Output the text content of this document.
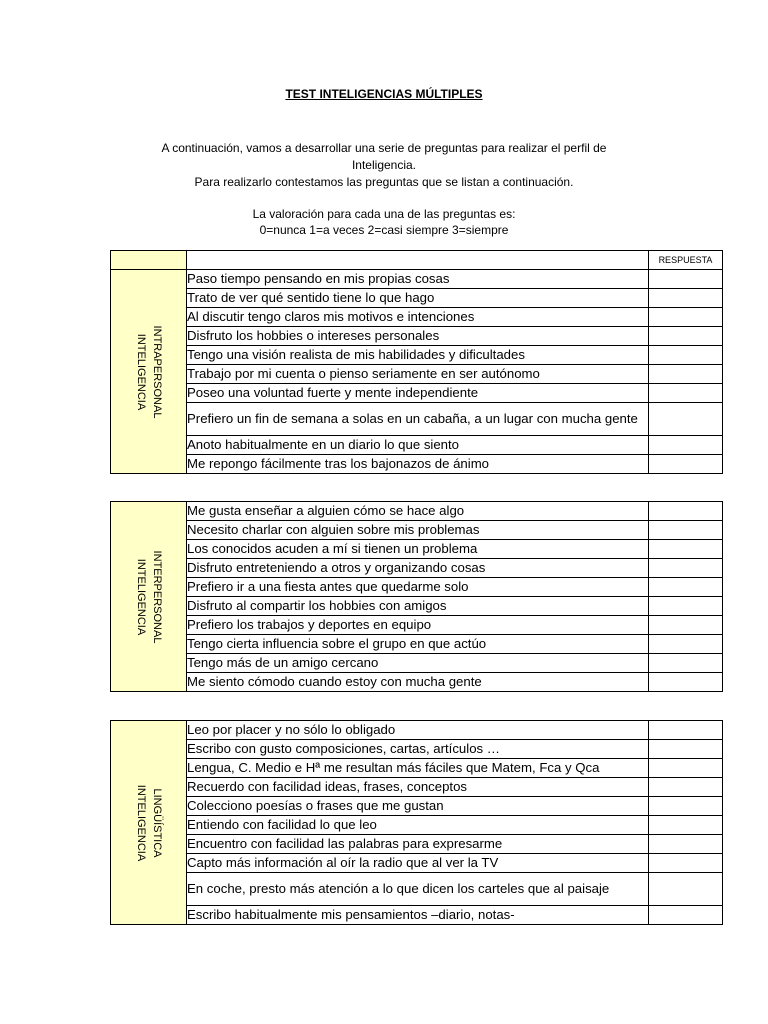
TEST INTELIGENCIAS MÚLTIPLES

A continuación, vamos a desarrollar una serie de preguntas para realizar el perfil de

Inteligencia.

Para realizarlo contestamos las preguntas que se listan a continuación.

La valoración para cada una de las preguntas es:

0=nunca 1=a veces 2=casi siempre 3=siempre

		RESPUESTA

INTRAPERSONAL
INTELIGENCIA	Paso tiempo pensando en mis propias cosas	
	Trato de ver qué sentido tiene lo que hago	
	Al discutir tengo claros mis motivos e intenciones	
	Disfruto los hobbies o intereses personales	
	Tengo una visión realista de mis habilidades y dificultades	
	Trabajo por mi cuenta o pienso seriamente en ser autónomo	
	Poseo una voluntad fuerte y mente independiente	
	Prefiero un fin de semana a solas en un cabaña, a un lugar con mucha gente	
	Anoto habitualmente en un diario lo que siento	
	Me repongo fácilmente tras los bajonazos de ánimo	
INTERPERSONAL
INTELIGENCIA	Me gusta enseñar a alguien cómo se hace algo	
	Necesito charlar con alguien sobre mis problemas	
	Los conocidos acuden a mí si tienen un problema	
	Disfruto entreteniendo a otros y organizando cosas	
	Prefiero ir a una fiesta antes que quedarme solo	
	Disfruto al compartir los hobbies con amigos	
	Prefiero los trabajos y deportes en equipo	
	Tengo cierta influencia sobre el grupo en que actúo	
	Tengo más de un amigo cercano	
	Me siento cómodo cuando estoy con mucha gente	
LINGÜÍSTICA
INTELIGENCIA	Leo por placer y no sólo lo obligado	
	Escribo con gusto composiciones, cartas, artículos …	
	Lengua, C. Medio e Hª me resultan más fáciles que Matem, Fca y Qca	
	Recuerdo con facilidad ideas, frases, conceptos	
	Colecciono poesías o frases que me gustan	
	Entiendo con facilidad lo que leo	
	Encuentro con facilidad las palabras para expresarme	
	Capto más información al oír la radio que al ver la TV	
	En coche, presto más atención a lo que dicen los carteles que al paisaje	
	Escribo habitualmente mis pensamientos –diario, notas-	
